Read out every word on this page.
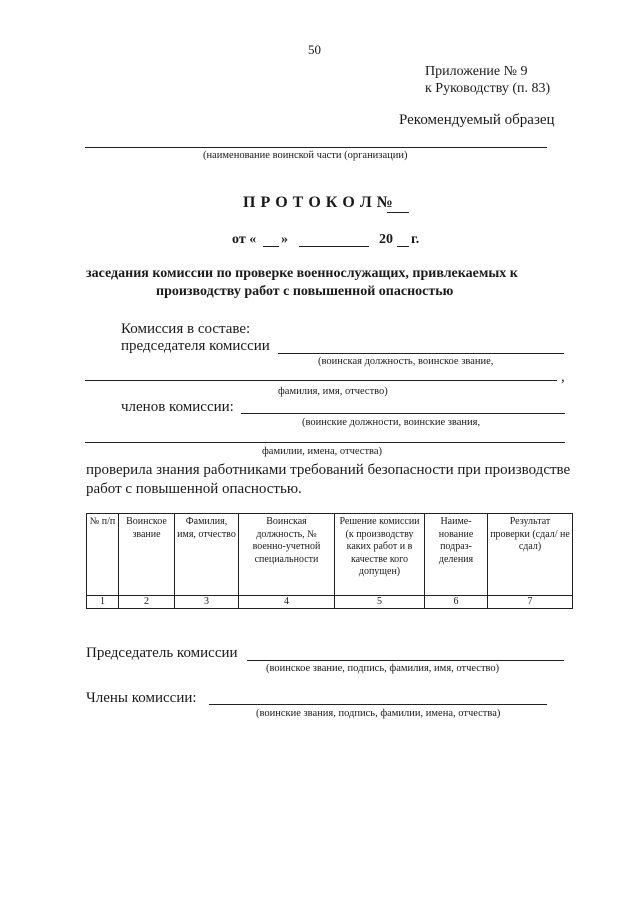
50
Приложение № 9
к Руководству (п. 83)
Рекомендуемый образец
(наименование воинской части (организации)
П Р О Т О К О Л №
от « »	20 г.
заседания комиссии по проверке военнослужащих, привлекаемых к
производству работ с повышенной опасностью
Комиссия в составе:
председателя комиссии
(воинская должность, воинское звание,
,
фамилия, имя, отчество)
членов комиссии:
(воинские должности, воинские звания,
фамилии, имена, отчества)
проверила знания работниками требований безопасности при производстве
работ с повышенной опасностью.
№ п/п	Воинское звание	Фамилия, имя, отчество	Воинская должность, № военно-учетной специальности	Решение комиссии (к производству каких работ и в качестве кого допущен)	Наиме-нование подраз-деления	Результат проверки (сдал/ не сдал)
1	2	3	4	5	6	7
Председатель комиссии
(воинское звание, подпись, фамилия, имя, отчество)
Члены комиссии:
(воинские звания, подпись, фамилии, имена, отчества)
